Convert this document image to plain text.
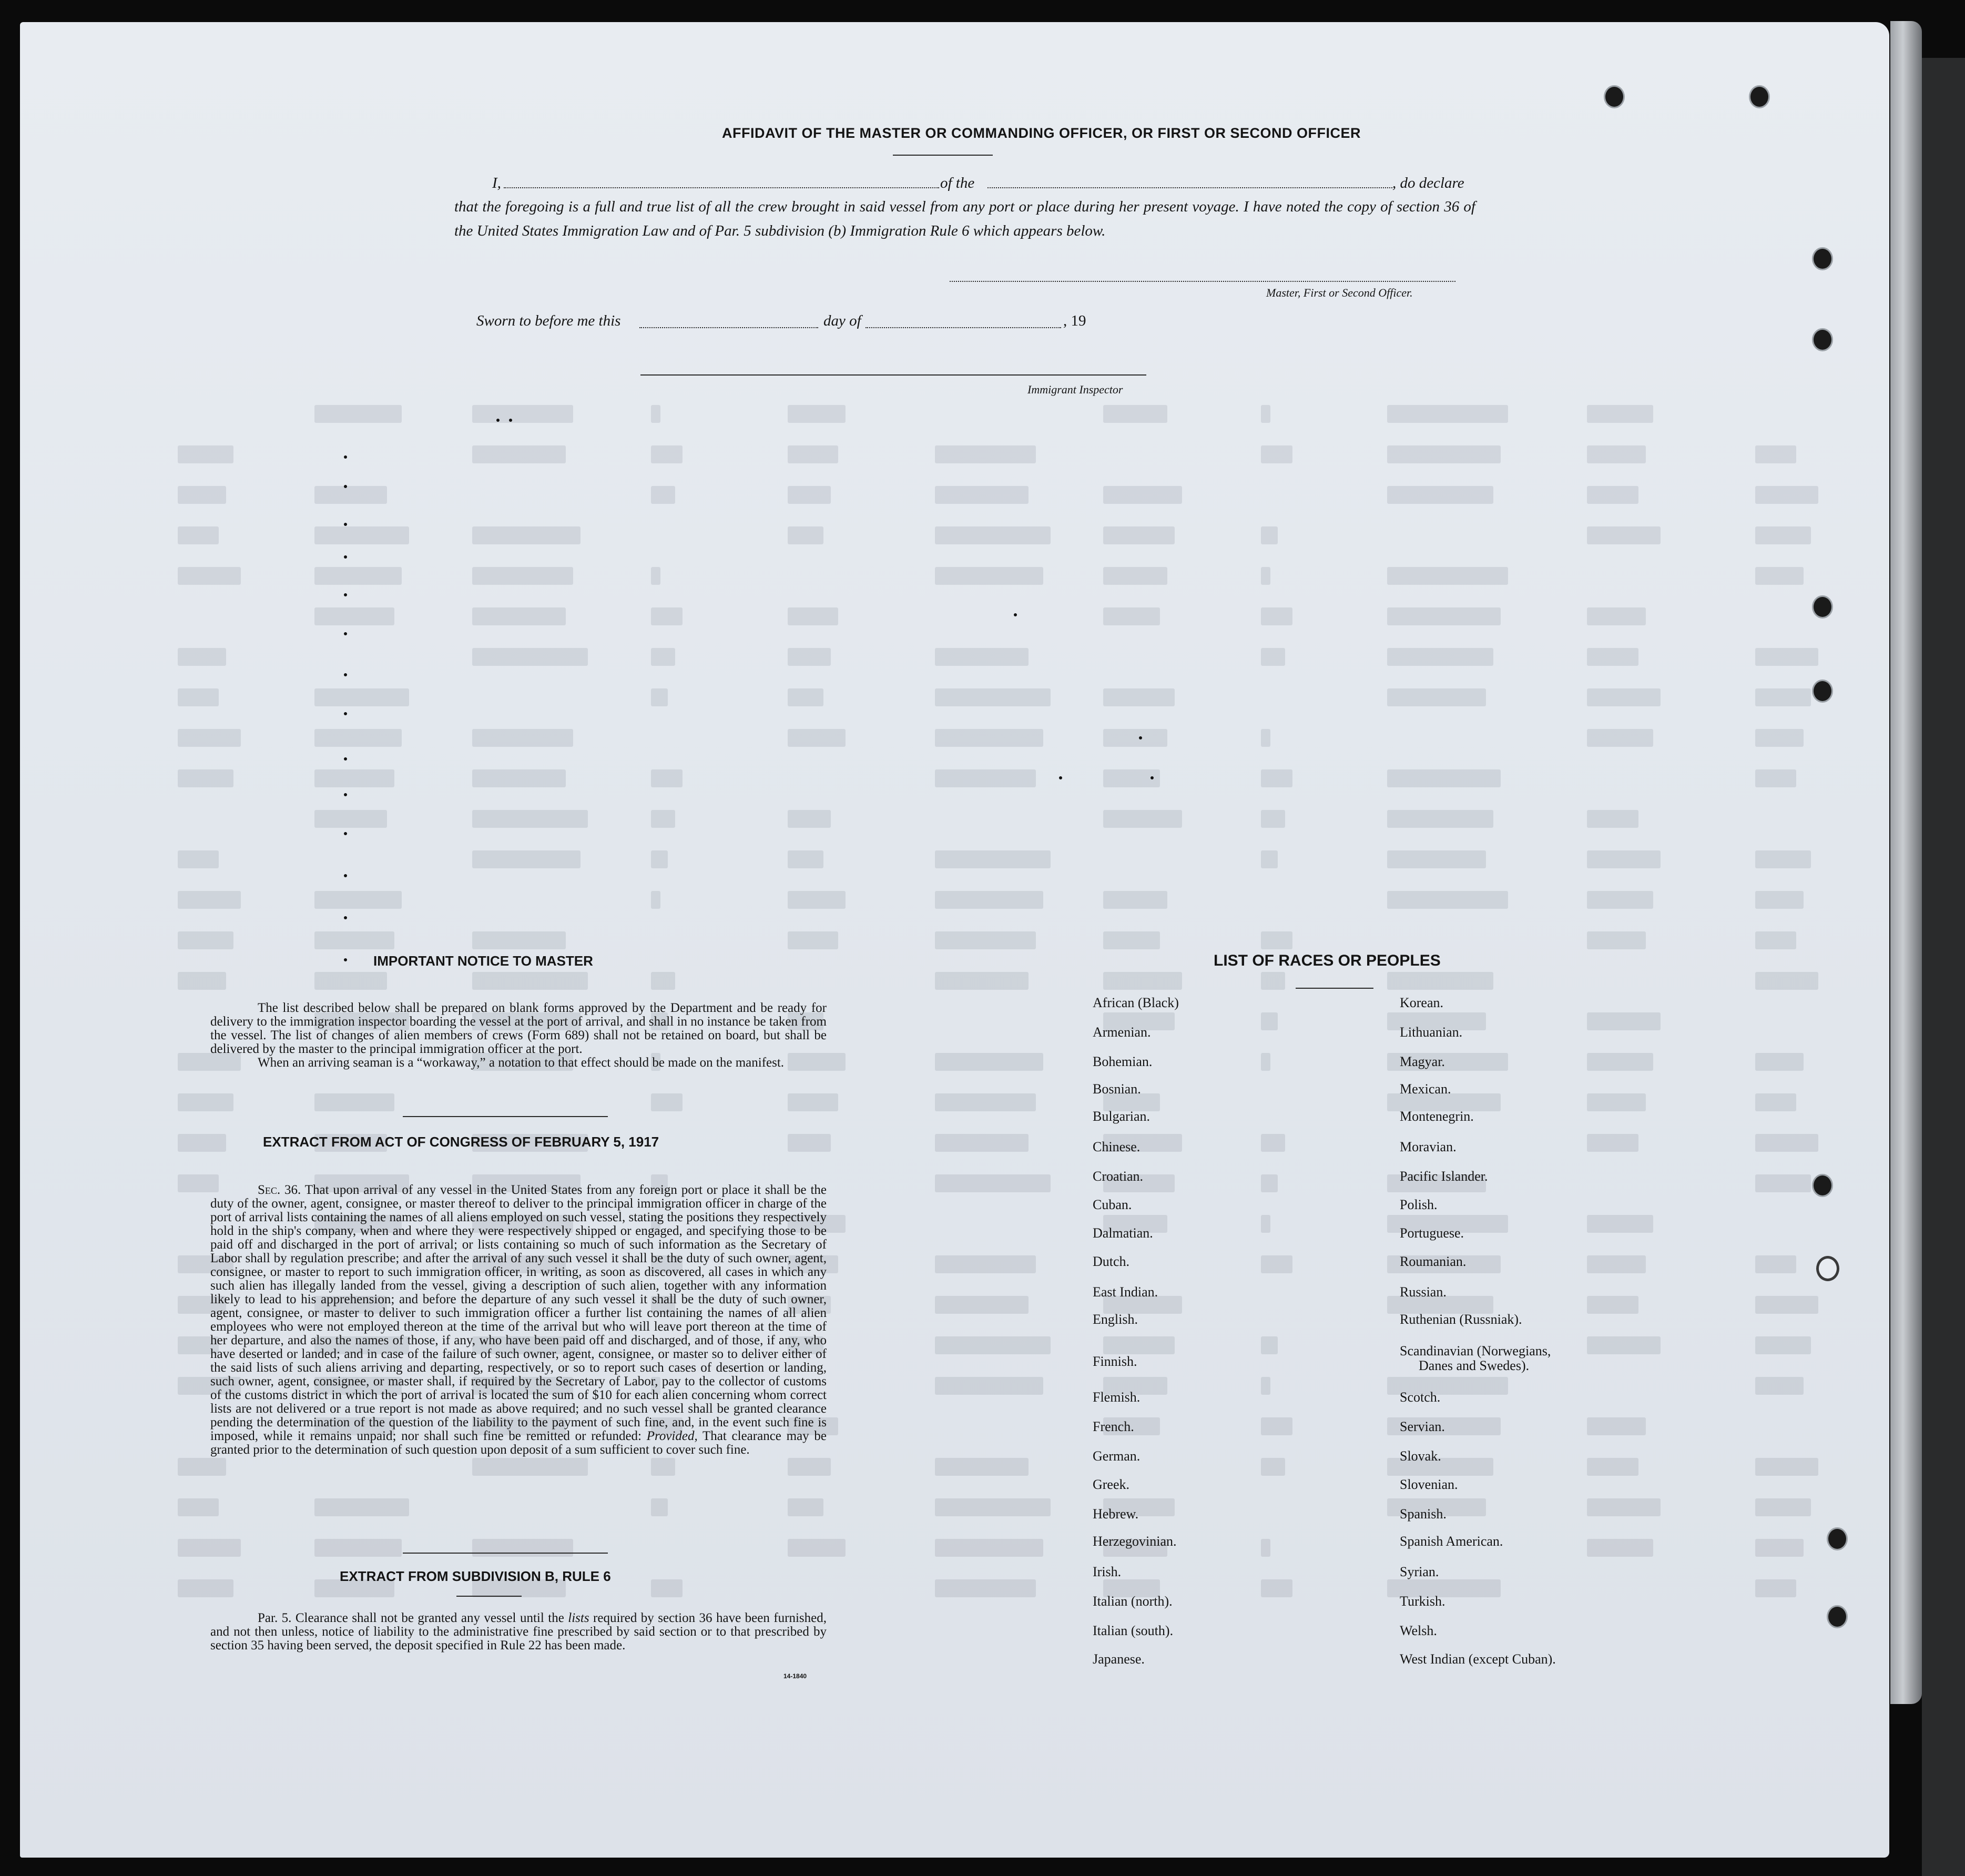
AFFIDAVIT OF THE MASTER OR COMMANDING OFFICER, OR FIRST OR SECOND OFFICER
I,	of the	, do declare
that the foregoing is a full and true list of all the crew brought in said vessel from any port or place during her present voyage. I have noted the copy of section 36 of the United States Immigration Law and of Par. 5 subdivision (b) Immigration Rule 6 which appears below.
Master, First or Second Officer.
Sworn to before me this	day of	, 19
Immigrant Inspector
IMPORTANT NOTICE TO MASTER

The list described below shall be prepared on blank forms approved by the Department and be ready for delivery to the immigration inspector boarding the vessel at the port of arrival, and shall in no instance be taken from the vessel. The list of changes of alien members of crews (Form 689) shall not be retained on board, but shall be delivered by the master to the principal immigration officer at the port.

When an arriving seaman is a “workaway,” a notation to that effect should be made on the manifest.

EXTRACT FROM ACT OF CONGRESS OF FEBRUARY 5, 1917

Sec. 36. That upon arrival of any vessel in the United States from any foreign port or place it shall be the duty of the owner, agent, consignee, or master thereof to deliver to the principal immigration officer in charge of the port of arrival lists containing the names of all aliens employed on such vessel, stating the positions they respectively hold in the ship's company, when and where they were respectively shipped or engaged, and specifying those to be paid off and discharged in the port of arrival; or lists containing so much of such information as the Secretary of Labor shall by regulation prescribe; and after the arrival of any such vessel it shall be the duty of such owner, agent, consignee, or master to report to such immigration officer, in writing, as soon as discovered, all cases in which any such alien has illegally landed from the vessel, giving a description of such alien, together with any information likely to lead to his apprehension; and before the departure of any such vessel it shall be the duty of such owner, agent, consignee, or master to deliver to such immigration officer a further list containing the names of all alien employees who were not employed thereon at the time of the arrival but who will leave port thereon at the time of her departure, and also the names of those, if any, who have been paid off and discharged, and of those, if any, who have deserted or landed; and in case of the failure of such owner, agent, consignee, or master so to deliver either of the said lists of such aliens arriving and departing, respectively, or so to report such cases of desertion or landing, such owner, agent, consignee, or master shall, if required by the Secretary of Labor, pay to the collector of customs of the customs district in which the port of arrival is located the sum of $10 for each alien concerning whom correct lists are not delivered or a true report is not made as above required; and no such vessel shall be granted clearance pending the determination of the question of the liability to the payment of such fine, and, in the event such fine is imposed, while it remains unpaid; nor shall such fine be remitted or refunded: Provided, That clearance may be granted prior to the determination of such question upon deposit of a sum sufficient to cover such fine.

EXTRACT FROM SUBDIVISION B, RULE 6

Par. 5. Clearance shall not be granted any vessel until the lists required by section 36 have been furnished, and not then unless, notice of liability to the administrative fine prescribed by said section or to that prescribed by section 35 having been served, the deposit specified in Rule 22 has been made.

14-1840
LIST OF RACES OR PEOPLES
African (Black)
Armenian.
Bohemian.
Bosnian.
Bulgarian.
Chinese.
Croatian.
Cuban.
Dalmatian.
Dutch.
East Indian.
English.
Finnish.
Flemish.
French.
German.
Greek.
Hebrew.
Herzegovinian.
Irish.
Italian (north).
Italian (south).
Japanese.
Korean.
Lithuanian.
Magyar.
Mexican.
Montenegrin.
Moravian.
Pacific Islander.
Polish.
Portuguese.
Roumanian.
Russian.
Ruthenian (Russniak).
Scandinavian (Norwegians,
Danes and Swedes).
Scotch.
Servian.
Slovak.
Slovenian.
Spanish.
Spanish American.
Syrian.
Turkish.
Welsh.
West Indian (except Cuban).
